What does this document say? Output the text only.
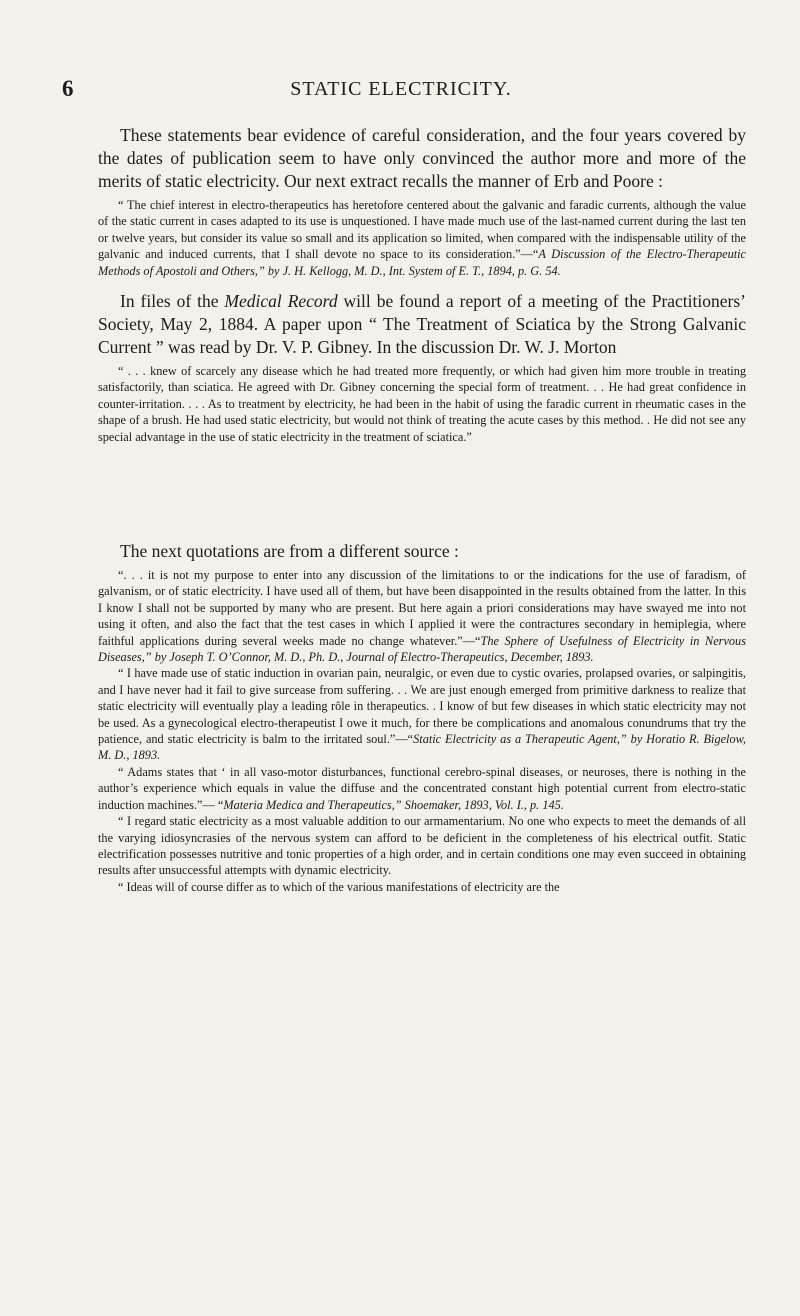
6	STATIC ELECTRICITY.

These statements bear evidence of careful consideration, and the four years covered by the dates of publication seem to have only convinced the author more and more of the merits of static electricity. Our next extract recalls the manner of Erb and Poore :

“ The chief interest in electro-therapeutics has heretofore centered about the galvanic and faradic currents, although the value of the static current in cases adapted to its use is unquestioned. I have made much use of the last-named current during the last ten or twelve years, but consider its value so small and its application so limited, when compared with the indispensable utility of the galvanic and induced currents, that I shall devote no space to its consideration.”—“A Discussion of the Electro-Therapeutic Methods of Apostoli and Others,” by J. H. Kellogg, M. D., Int. System of E. T., 1894, p. G. 54.

In files of the Medical Record will be found a report of a meeting of the Practitioners’ Society, May 2, 1884. A paper upon “ The Treatment of Sciatica by the Strong Galvanic Current ” was read by Dr. V. P. Gibney. In the discussion Dr. W. J. Morton

“ . . . knew of scarcely any disease which he had treated more frequently, or which had given him more trouble in treating satisfactorily, than sciatica. He agreed with Dr. Gibney concerning the special form of treatment. . . He had great confidence in counter-irritation. . . . As to treatment by electricity, he had been in the habit of using the faradic current in rheumatic cases in the shape of a brush. He had used static electricity, but would not think of treating the acute cases by this method. . He did not see any special advantage in the use of static electricity in the treatment of sciatica.”

The next quotations are from a different source :

“. . . it is not my purpose to enter into any discussion of the limitations to or the indications for the use of faradism, of galvanism, or of static electricity. I have used all of them, but have been disappointed in the results obtained from the latter. In this I know I shall not be supported by many who are present. But here again a priori considerations may have swayed me into not using it often, and also the fact that the test cases in which I applied it were the contractures secondary in hemiplegia, where faithful applications during several weeks made no change whatever.”—“The Sphere of Usefulness of Electricity in Nervous Diseases,” by Joseph T. O’Connor, M. D., Ph. D., Journal of Electro-Therapeutics, December, 1893.

“ I have made use of static induction in ovarian pain, neuralgic, or even due to cystic ovaries, prolapsed ovaries, or salpingitis, and I have never had it fail to give surcease from suffering. . . We are just enough emerged from primitive darkness to realize that static electricity will eventually play a leading rôle in therapeutics. . I know of but few diseases in which static electricity may not be used. As a gynecological electro-therapeutist I owe it much, for there be complications and anomalous conundrums that try the patience, and static electricity is balm to the irritated soul.”—“Static Electricity as a Therapeutic Agent,” by Horatio R. Bigelow, M. D., 1893.

“ Adams states that ‘ in all vaso-motor disturbances, functional cerebro-spinal diseases, or neuroses, there is nothing in the author’s experience which equals in value the diffuse and the concentrated constant high potential current from electro-static induction machines.”— “Materia Medica and Therapeutics,” Shoemaker, 1893, Vol. I., p. 145.

“ I regard static electricity as a most valuable addition to our armamentarium. No one who expects to meet the demands of all the varying idiosyncrasies of the nervous system can afford to be deficient in the completeness of his electrical outfit. Static electrification possesses nutritive and tonic properties of a high order, and in certain conditions one may even succeed in obtaining results after unsuccessful attempts with dynamic electricity.

“ Ideas will of course differ as to which of the various manifestations of electricity are the
